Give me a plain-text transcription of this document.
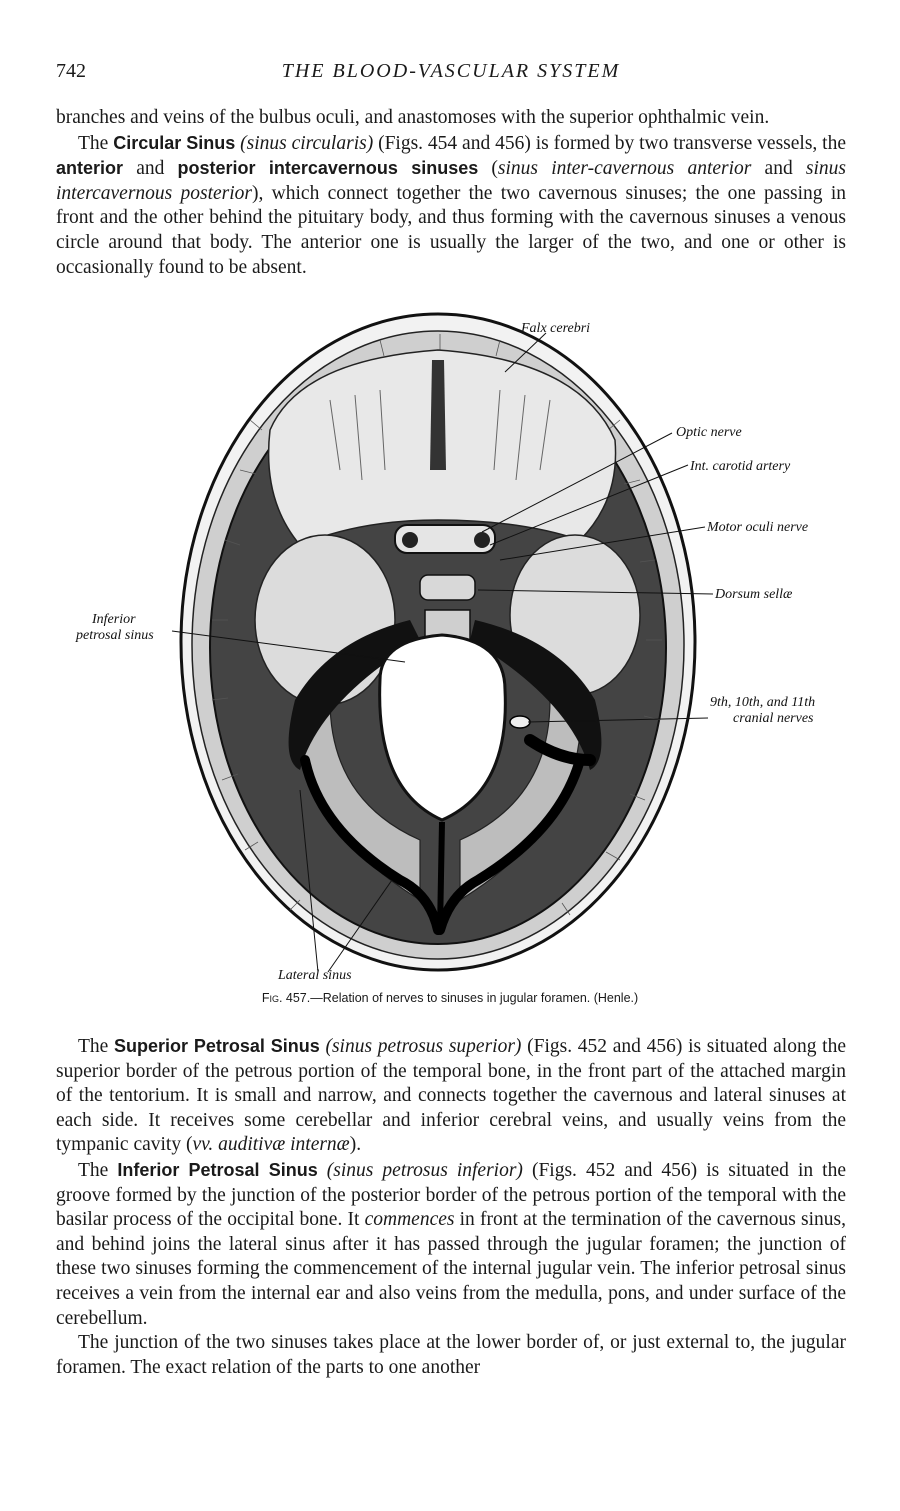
742	THE BLOOD-VASCULAR SYSTEM

branches and veins of the bulbus oculi, and anastomoses with the superior ophthalmic vein.

The Circular Sinus (sinus circularis) (Figs. 454 and 456) is formed by two transverse vessels, the anterior and posterior intercavernous sinuses (sinus inter-cavernous anterior and sinus intercavernous posterior), which connect together the two cavernous sinuses; the one passing in front and the other behind the pituitary body, and thus forming with the cavernous sinuses a venous circle around that body. The anterior one is usually the larger of the two, and one or other is occasionally found to be absent.

Falx cerebri
Optic nerve
Int. carotid artery
Motor oculi nerve
Dorsum sellæ
Inferior
petrosal sinus
9th, 10th, and 11th
cranial nerves
Lateral sinus
Fig. 457.—Relation of nerves to sinuses in jugular foramen. (Henle.)

The Superior Petrosal Sinus (sinus petrosus superior) (Figs. 452 and 456) is situated along the superior border of the petrous portion of the temporal bone, in the front part of the attached margin of the tentorium. It is small and narrow, and connects together the cavernous and lateral sinuses at each side. It receives some cerebellar and inferior cerebral veins, and usually veins from the tympanic cavity (vv. auditivæ internæ).

The Inferior Petrosal Sinus (sinus petrosus inferior) (Figs. 452 and 456) is situated in the groove formed by the junction of the posterior border of the petrous portion of the temporal with the basilar process of the occipital bone. It commences in front at the termination of the cavernous sinus, and behind joins the lateral sinus after it has passed through the jugular foramen; the junction of these two sinuses forming the commencement of the internal jugular vein. The inferior petrosal sinus receives a vein from the internal ear and also veins from the medulla, pons, and under surface of the cerebellum.

The junction of the two sinuses takes place at the lower border of, or just external to, the jugular foramen. The exact relation of the parts to one another
